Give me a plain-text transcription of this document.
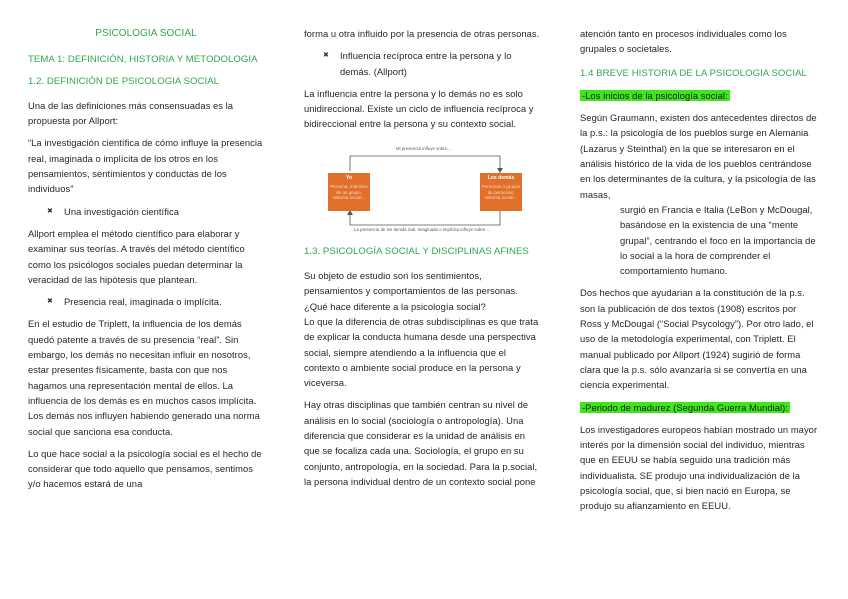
PSICOLOGIA SOCIAL
TEMA 1: DEFINICIÓN, HISTORIA Y METODOLOGIA
1.2. DEFINICIÓN DE PSICOLOGIA SOCIAL

Una de las definiciones más consensuadas es la propuesta por Allport:

“La investigación científica de cómo influye la presencia real, imaginada o implícita de los otros en los pensamientos, sentimientos y conductas de los individuos”

✖ Una investigación científica

Allport emplea el método científico para elaborar y examinar sus teorías. A través del método científico como los psicólogos sociales puedan determinar la veracidad de las hipótesis que plantean.

✖ Presencia real, imaginada o implícita.

En el estudio de Triplett, la influencia de los demás quedó patente a través de su presencia “real”. Sin embargo, los demás no necesitan influir en nosotros, estar presentes físicamente, basta con que nos hagamos una representación mental de ellos. La influencia de los demás es en muchos casos implícita. Los demás nos influyen habiendo generado una norma social que sanciona esa conducta.

Lo que hace social a la psicología social es el hecho de considerar que todo aquello que pensamos, sentimos y/o hacemos estará de una

forma u otra influido por la presencia de otras personas.

✖ Influencia recíproca entre la persona y lo demás. (Allport)

La influencia entre la persona y lo demás no es solo unidireccional. Existe un ciclo de influencia recíproca y bidireccional entre la persona y su contexto social.

Mi presencia influye sobre...
Yo
Persona, miembro de un grupo, sistema social...
Los demás
Personas o grupos de personas, sistema social...
La presencia de los demás real, imaginada o implícita influye sobre...
1.3. PSICOLOGÍA SOCIAL Y DISCIPLINAS AFINES

Su objeto de estudio son los sentimientos, pensamientos y comportamientos de las personas. ¿Qué hace diferente a la psicología social?

Lo que la diferencia de otras subdisciplinas es que trata de explicar la conducta humana desde una perspectiva social, siempre atendiendo a la influencia que el contexto o ambiente social produce en la persona y viceversa.

Hay otras disciplinas que también centran su nivel de análisis en lo social (sociología o antropología). Una diferencia que considerar es la unidad de análisis en que se focaliza cada una. Sociología, el grupo en su conjunto, antropología, en la sociedad. Para la p.social, la persona individual dentro de un contexto social pone

atención tanto en procesos individuales como los grupales o societales.

1.4 BREVE HISTORIA DE LA PSICOLOGIA SOCIAL

-Los inicios de la psicología social:

Según Graumann, existen dos antecedentes directos de la p.s.: la psicología de los pueblos surge en Alemania (Lazarus y Steinthal) en la que se interesaron en el análisis histórico de la vida de los pueblos centrándose en los determinantes de la cultura, y la psicología de las masas,

surgió en Francia e Italia (LeBon y McDougal, basándose en la existencia de una “mente grupal”, centrando el foco en la importancia de lo social a la hora de comprender el comportamiento humano.

Dos hechos que ayudarian a la constitución de la p.s. son la publicación de dos textos (1908) escritos por Ross y McDougal (“Social Psycology”). Por otro lado, el uso de la metodología experimental, con Triplett. El manual publicado por Allport (1924) sugirió de forma clara que la p.s. sólo avanzaría si se convertía en una ciencia experimental.

-Periodo de madurez (Segunda Guerra Mundial):

Los investigadores europeos habían mostrado un mayor interés por la dimensión social del individuo, mientras que en EEUU se había seguido una tradición más individualista. SE produjo una individualización de la psicología social, que, si bien nació en Europa, se produjo su afianzamiento en EEUU.
